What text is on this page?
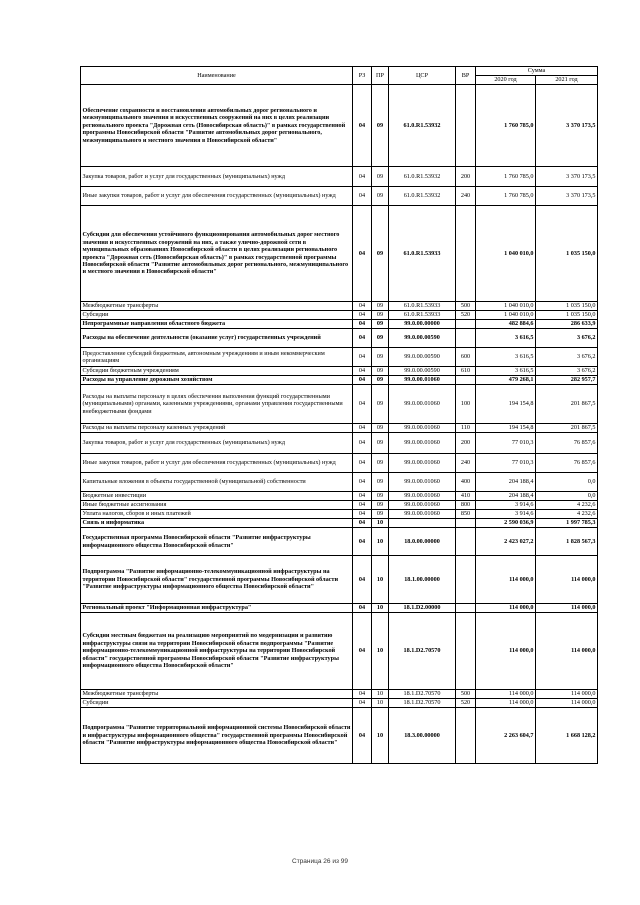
Наименование	РЗ	ПР	ЦСР	ВР	Сумма	
					2020 год	2021 год
Обеспечение сохранности и восстановления автомобильных дорог регионального и межмуниципального значения и искусственных сооружений на них в целях реализации регионального проекта "Дорожная сеть (Новосибирская область)" в рамках государственной программы Новосибирской области "Развитие автомобильных дорог регионального, межмуниципального и местного значения в Новосибирской области"	04	09	61.0.R1.53932		1 760 785,0	3 370 173,5
Закупка товаров, работ и услуг для государственных (муниципальных) нужд	04	09	61.0.R1.53932	200	1 760 785,0	3 370 173,5
Иные закупки товаров, работ и услуг для обеспечения государственных (муниципальных) нужд	04	09	61.0.R1.53932	240	1 760 785,0	3 370 173,5
Субсидии для обеспечения устойчивого функционирования автомобильных дорог местного значения и искусственных сооружений на них, а также улично-дорожной сети в муниципальных образованиях Новосибирской области в целях реализации регионального проекта "Дорожная сеть (Новосибирская область)" в рамках государственной программы Новосибирской области "Развитие автомобильных дорог регионального, межмуниципального и местного значения в Новосибирской области"	04	09	61.0.R1.53933		1 040 010,0	1 035 150,0
Межбюджетные трансферты	04	09	61.0.R1.53933	500	1 040 010,0	1 035 150,0
Субсидии	04	09	61.0.R1.53933	520	1 040 010,0	1 035 150,0
Непрограммные направления областного бюджета	04	09	99.0.00.00000		482 884,6	286 633,9
Расходы на обеспечение деятельности (оказание услуг) государственных учреждений	04	09	99.0.00.00590		3 616,5	3 676,2
Предоставление субсидий бюджетным, автономным учреждениям и иным некоммерческим организациям	04	09	99.0.00.00590	600	3 616,5	3 676,2
Субсидии бюджетным учреждениям	04	09	99.0.00.00590	610	3 616,5	3 676,2
Расходы на управление дорожным хозяйством	04	09	99.0.00.01060		479 268,1	282 957,7
Расходы на выплаты персоналу в целях обеспечения выполнения функций государственными (муниципальными) органами, казенными учреждениями, органами управления государственными внебюджетными фондами	04	09	99.0.00.01060	100	194 154,8	201 867,5
Расходы на выплаты персоналу казенных учреждений	04	09	99.0.00.01060	110	194 154,8	201 867,5
Закупка товаров, работ и услуг для государственных (муниципальных) нужд	04	09	99.0.00.01060	200	77 010,3	76 857,6
Иные закупки товаров, работ и услуг для обеспечения государственных (муниципальных) нужд	04	09	99.0.00.01060	240	77 010,3	76 857,6
Капитальные вложения в объекты государственной (муниципальной) собственности	04	09	99.0.00.01060	400	204 188,4	0,0
Бюджетные инвестиции	04	09	99.0.00.01060	410	204 188,4	0,0
Иные бюджетные ассигнования	04	09	99.0.00.01060	800	3 914,6	4 232,6
Уплата налогов, сборов и иных платежей	04	09	99.0.00.01060	850	3 914,6	4 232,6
Связь и информатика	04	10			2 590 036,9	1 997 785,3
Государственная программа Новосибирской области "Развитие инфраструктуры информационного общества Новосибирской области"	04	10	18.0.00.00000		2 423 027,2	1 828 567,3
Подпрограмма "Развитие информационно-телекоммуникационной инфраструктуры на территории Новосибирской области" государственной программы Новосибирской области "Развитие инфраструктуры информационного общества Новосибирской области"	04	10	18.1.00.00000		114 000,0	114 000,0
Региональный проект "Информационная инфраструктура"	04	10	18.1.D2.00000		114 000,0	114 000,0
Субсидии местным бюджетам на реализацию мероприятий по модернизации и развитию инфраструктуры связи на территории Новосибирской области подпрограммы "Развитие информационно-телекоммуникационной инфраструктуры на территории Новосибирской области" государственной программы Новосибирской области "Развитие инфраструктуры информационного общества Новосибирской области"	04	10	18.1.D2.70570		114 000,0	114 000,0
Межбюджетные трансферты	04	10	18.1.D2.70570	500	114 000,0	114 000,0
Субсидии	04	10	18.1.D2.70570	520	114 000,0	114 000,0
Подпрограмма "Развитие территориальной информационной системы Новосибирской области и инфраструктуры информационного общества" государственной программы Новосибирской области "Развитие инфраструктуры информационного общества Новосибирской области"	04	10	18.3.00.00000		2 263 604,7	1 668 128,2
Страница 26 из 99
